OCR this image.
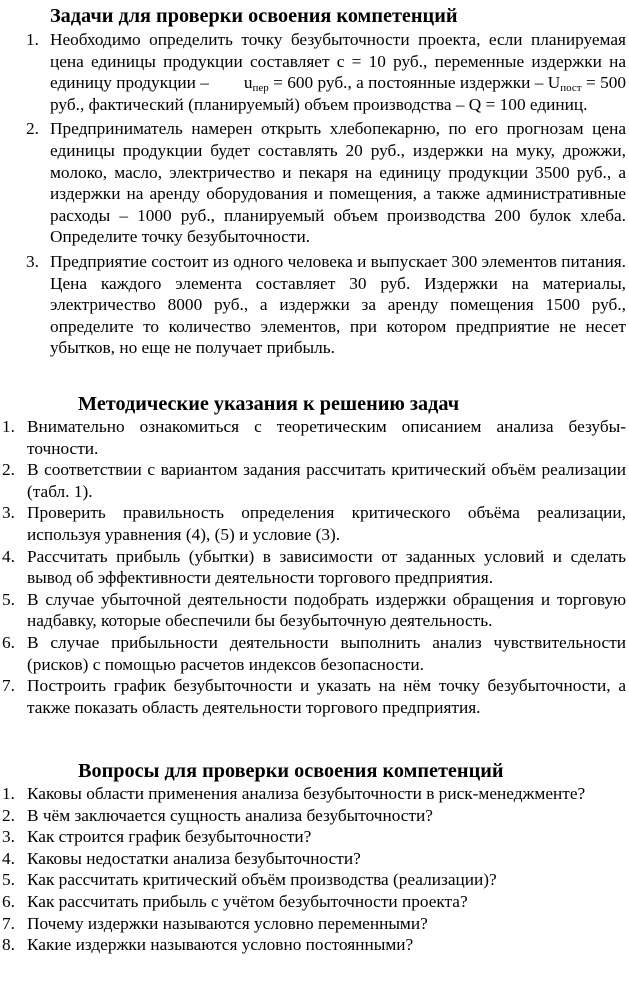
Задачи для проверки освоения компетенций
1. Необходимо определить точку безубыточности проекта, если планируемая цена единицы продукции составляет c = 10 руб., переменные издержки на единицу продукции – $u_{пер} = 600$ руб., а постоянные издержки – $U_{пост} = 500$ руб., фактический (планируемый) объем производства – Q = 100 единиц.
2. Предприниматель намерен открыть хлебопекарню, по его прогнозам цена единицы продукции будет составлять 20 руб., издержки на муку, дрожжи, молоко, масло, электричество и пекаря на единицу продукции 3500 руб., а издержки на аренду оборудования и помещения, а также административные расходы – 1000 руб., планируемый объем производства 200 булок хлеба. Определите точку безубыточности.
3. Предприятие состоит из одного человека и выпускает 300 элементов питания. Цена каждого элемента составляет 30 руб. Издержки на материалы, электричество 8000 руб., а издержки за аренду помещения 1500 руб., определите то количество элементов, при котором предприятие не несет убытков, но еще не получает прибыль.
Методические указания к решению задач
1. Внимательно ознакомиться с теоретическим описанием анализа безубы-точности.
2. В соответствии с вариантом задания рассчитать критический объём реализации (табл. 1).
3. Проверить правильность определения критического объёма реализации, используя уравнения (4), (5) и условие (3).
4. Рассчитать прибыль (убытки) в зависимости от заданных условий и сделать вывод об эффективности деятельности торгового предприятия.
5. В случае убыточной деятельности подобрать издержки обращения и торговую надбавку, которые обеспечили бы безубыточную деятельность.
6. В случае прибыльности деятельности выполнить анализ чувствительности (рисков) с помощью расчетов индексов безопасности.
7. Построить график безубыточности и указать на нём точку безубыточности, а также показать область деятельности торгового предприятия.
Вопросы для проверки освоения компетенций
1. Каковы области применения анализа безубыточности в риск-менеджменте?
2. В чём заключается сущность анализа безубыточности?
3. Как строится график безубыточности?
4. Каковы недостатки анализа безубыточности?
5. Как рассчитать критический объём производства (реализации)?
6. Как рассчитать прибыль с учётом безубыточности проекта?
7. Почему издержки называются условно переменными?
8. Какие издержки называются условно постоянными?
